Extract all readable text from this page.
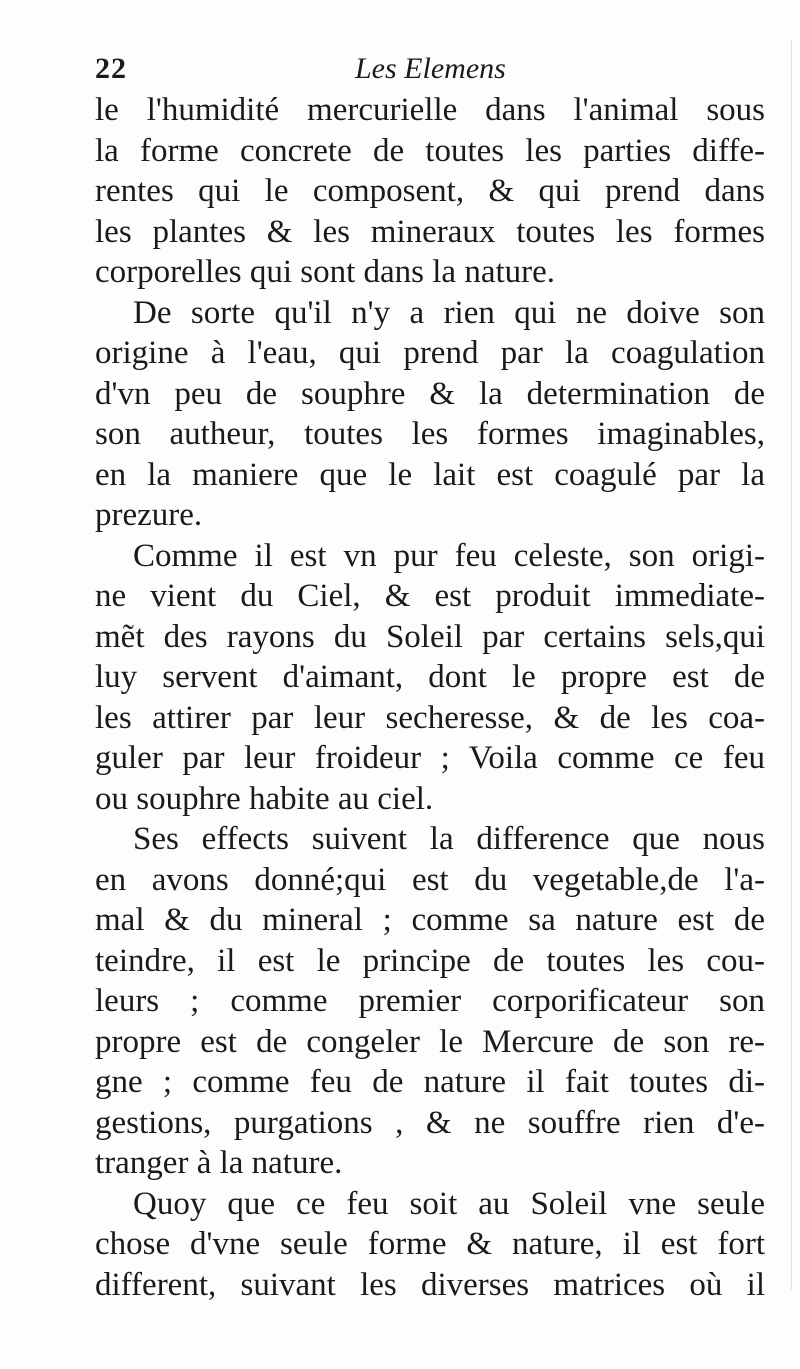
22	Les Elemens
le l'humidité mercurielle dans l'animal sous
la forme concrete de toutes les parties diffe-
rentes qui le composent, & qui prend dans
les plantes & les mineraux toutes les formes
corporelles qui sont dans la nature.
De sorte qu'il n'y a rien qui ne doive son
origine à l'eau, qui prend par la coagulation
d'vn peu de souphre & la determination de
son autheur, toutes les formes imaginables,
en la maniere que le lait est coagulé par la
prezure.
Comme il est vn pur feu celeste, son origi-
ne vient du Ciel, & est produit immediate-
mẽt des rayons du Soleil par certains sels,qui
luy servent d'aimant, dont le propre est de
les attirer par leur secheresse, & de les coa-
guler par leur froideur ; Voila comme ce feu
ou souphre habite au ciel.
Ses effects suivent la difference que nous
en avons donné;qui est du vegetable,de l'a-
mal & du mineral ; comme sa nature est de
teindre, il est le principe de toutes les cou-
leurs ; comme premier corporificateur son
propre est de congeler le Mercure de son re-
gne ; comme feu de nature il fait toutes di-
gestions, purgations , & ne souffre rien d'e-
tranger à la nature.
Quoy que ce feu soit au Soleil vne seule
chose d'vne seule forme & nature, il est fort
different, suivant les diverses matrices où il
